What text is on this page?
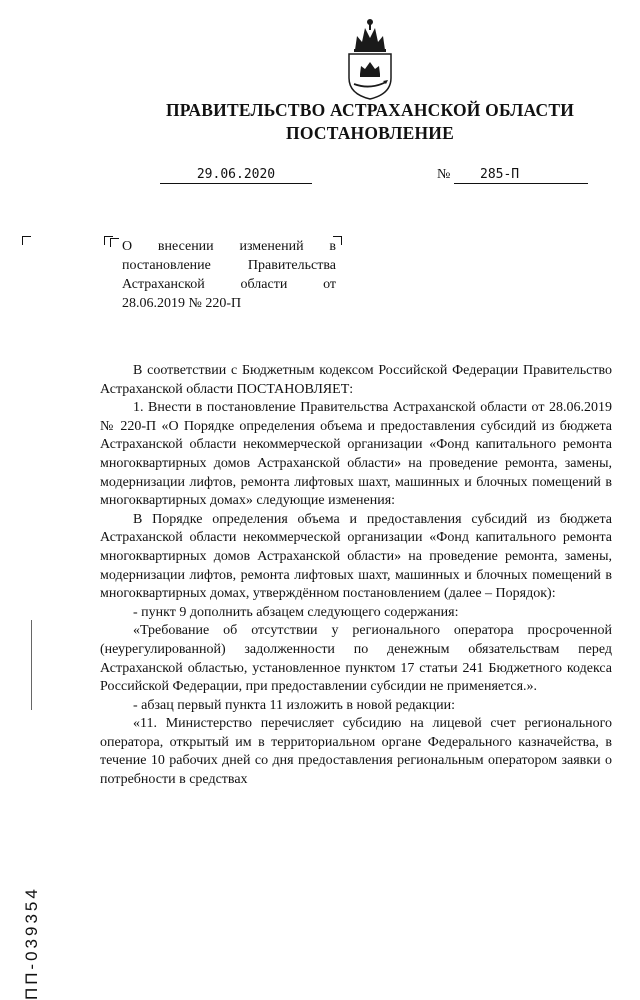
ПРАВИТЕЛЬСТВО АСТРАХАНСКОЙ ОБЛАСТИ
ПОСТАНОВЛЕНИЕ
29.06.2020	№	285-П
О внесении изменений в постановление Правительства Астраханской области от 28.06.2019 № 220-П

В соответствии с Бюджетным кодексом Российской Федерации Правительство Астраханской области ПОСТАНОВЛЯЕТ:

1. Внести в постановление Правительства Астраханской области от 28.06.2019 № 220-П «О Порядке определения объема и предоставления субсидий из бюджета Астраханской области некоммерческой организации «Фонд капитального ремонта многоквартирных домов Астраханской области» на проведение ремонта, замены, модернизации лифтов, ремонта лифтовых шахт, машинных и блочных помещений в многоквартирных домах» следующие изменения:

В Порядке определения объема и предоставления субсидий из бюджета Астраханской области некоммерческой организации «Фонд капитального ремонта многоквартирных домов Астраханской области» на проведение ремонта, замены, модернизации лифтов, ремонта лифтовых шахт, машинных и блочных помещений в многоквартирных домах, утверждённом постановлением (далее – Порядок):

- пункт 9 дополнить абзацем следующего содержания:

«Требование об отсутствии у регионального оператора просроченной (неурегулированной) задолженности по денежным обязательствам перед Астраханской областью, установленное пунктом 17 статьи 241 Бюджетного кодекса Российской Федерации, при предоставлении субсидии не применяется.».

- абзац первый пункта 11 изложить в новой редакции:

«11. Министерство перечисляет субсидию на лицевой счет регионального оператора, открытый им в территориальном органе Федерального казначейства, в течение 10 рабочих дней со дня предоставления региональным оператором заявки о потребности в средствах

ПП-039354
